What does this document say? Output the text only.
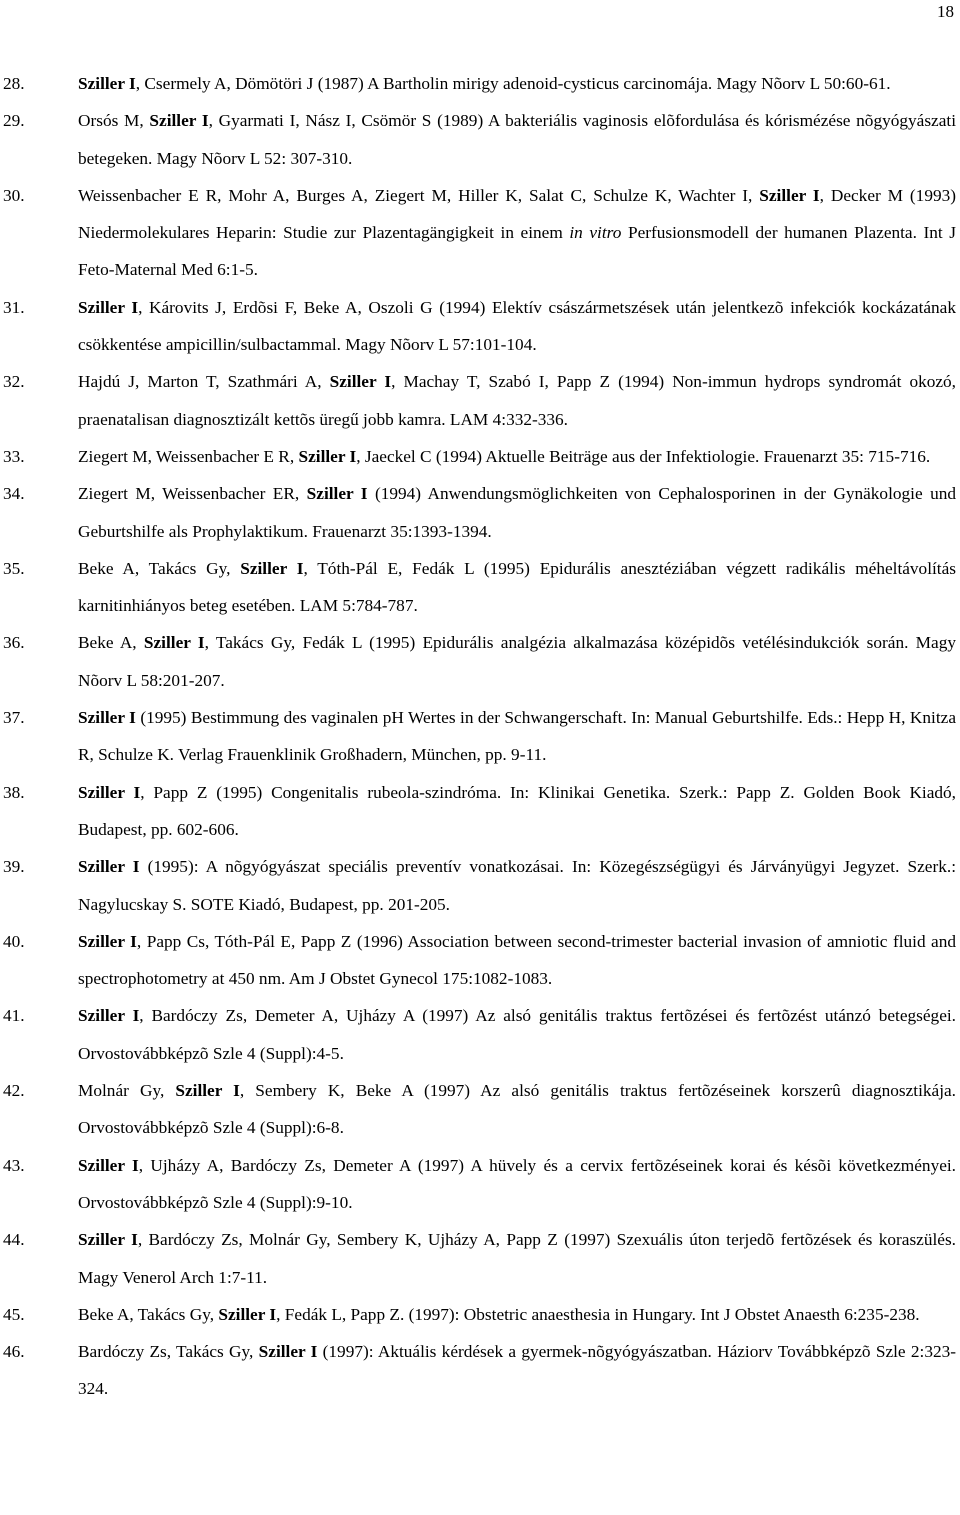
18
28.	Sziller I, Csermely A, Dömötöri J (1987) A Bartholin mirigy adenoid-cysticus carcinomája. Magy Nõorv L 50:60-61.
29.	Orsós M, Sziller I, Gyarmati I, Nász I, Csömör S (1989) A bakteriális vaginosis elõfordulása és kórismézése nõgyógyászati betegeken. Magy Nõorv L 52: 307-310.
30.	Weissenbacher E R, Mohr A, Burges A, Ziegert M, Hiller K, Salat C, Schulze K, Wachter I, Sziller I, Decker M (1993) Niedermolekulares Heparin: Studie zur Plazentagängigkeit in einem in vitro Perfusionsmodell der humanen Plazenta. Int J Feto-Maternal Med 6:1-5.
31.	Sziller I, Károvits J, Erdõsi F, Beke A, Oszoli G (1994) Elektív császármetszések után jelentkezõ infekciók kockázatának csökkentése ampicillin/sulbactammal. Magy Nõorv L 57:101-104.
32.	Hajdú J, Marton T, Szathmári A, Sziller I, Machay T, Szabó I, Papp Z (1994) Non-immun hydrops syndromát okozó, praenatalisan diagnosztizált kettõs üregű jobb kamra. LAM 4:332-336.
33.	Ziegert M, Weissenbacher E R, Sziller I, Jaeckel C (1994) Aktuelle Beiträge aus der Infektiologie. Frauenarzt 35: 715-716.
34.	Ziegert M, Weissenbacher ER, Sziller I (1994) Anwendungsmöglichkeiten von Cephalosporinen in der Gynäkologie und Geburtshilfe als Prophylaktikum. Frauenarzt 35:1393-1394.
35.	Beke A, Takács Gy, Sziller I, Tóth-Pál E, Fedák L (1995) Epidurális anesztéziában végzett radikális méheltávolítás karnitinhiányos beteg esetében. LAM 5:784-787.
36.	Beke A, Sziller I, Takács Gy, Fedák L (1995) Epidurális analgézia alkalmazása középidõs vetélésindukciók során. Magy Nõorv L 58:201-207.
37.	Sziller I (1995) Bestimmung des vaginalen pH Wertes in der Schwangerschaft. In: Manual Geburtshilfe. Eds.: Hepp H, Knitza R, Schulze K. Verlag Frauenklinik Großhadern, München, pp. 9-11.
38.	Sziller I, Papp Z (1995) Congenitalis rubeola-szindróma. In: Klinikai Genetika. Szerk.: Papp Z. Golden Book Kiadó, Budapest, pp. 602-606.
39.	Sziller I (1995): A nõgyógyászat speciális preventív vonatkozásai. In: Közegészségügyi és Járványügyi Jegyzet. Szerk.: Nagylucskay S. SOTE Kiadó, Budapest, pp. 201-205.
40.	Sziller I, Papp Cs, Tóth-Pál E, Papp Z (1996) Association between second-trimester bacterial invasion of amniotic fluid and spectrophotometry at 450 nm. Am J Obstet Gynecol 175:1082-1083.
41.	Sziller I, Bardóczy Zs, Demeter A, Ujházy A (1997) Az alsó genitális traktus fertõzései és fertõzést utánzó betegségei. Orvostovábbképzõ Szle 4 (Suppl):4-5.
42.	Molnár Gy, Sziller I, Sembery K, Beke A (1997) Az alsó genitális traktus fertõzéseinek korszerû diagnosztikája. Orvostovábbképzõ Szle 4 (Suppl):6-8.
43.	Sziller I, Ujházy A, Bardóczy Zs, Demeter A (1997) A hüvely és a cervix fertõzéseinek korai és késõi következményei. Orvostovábbképzõ Szle 4 (Suppl):9-10.
44.	Sziller I, Bardóczy Zs, Molnár Gy, Sembery K, Ujházy A, Papp Z (1997) Szexuális úton terjedõ fertõzések és koraszülés. Magy Venerol Arch 1:7-11.
45.	Beke A, Takács Gy, Sziller I, Fedák L, Papp Z. (1997): Obstetric anaesthesia in Hungary. Int J Obstet Anaesth 6:235-238.
46.	Bardóczy Zs, Takács Gy, Sziller I (1997): Aktuális kérdések a gyermek-nõgyógyászatban. Háziorv Továbbképzõ Szle 2:323-324.
